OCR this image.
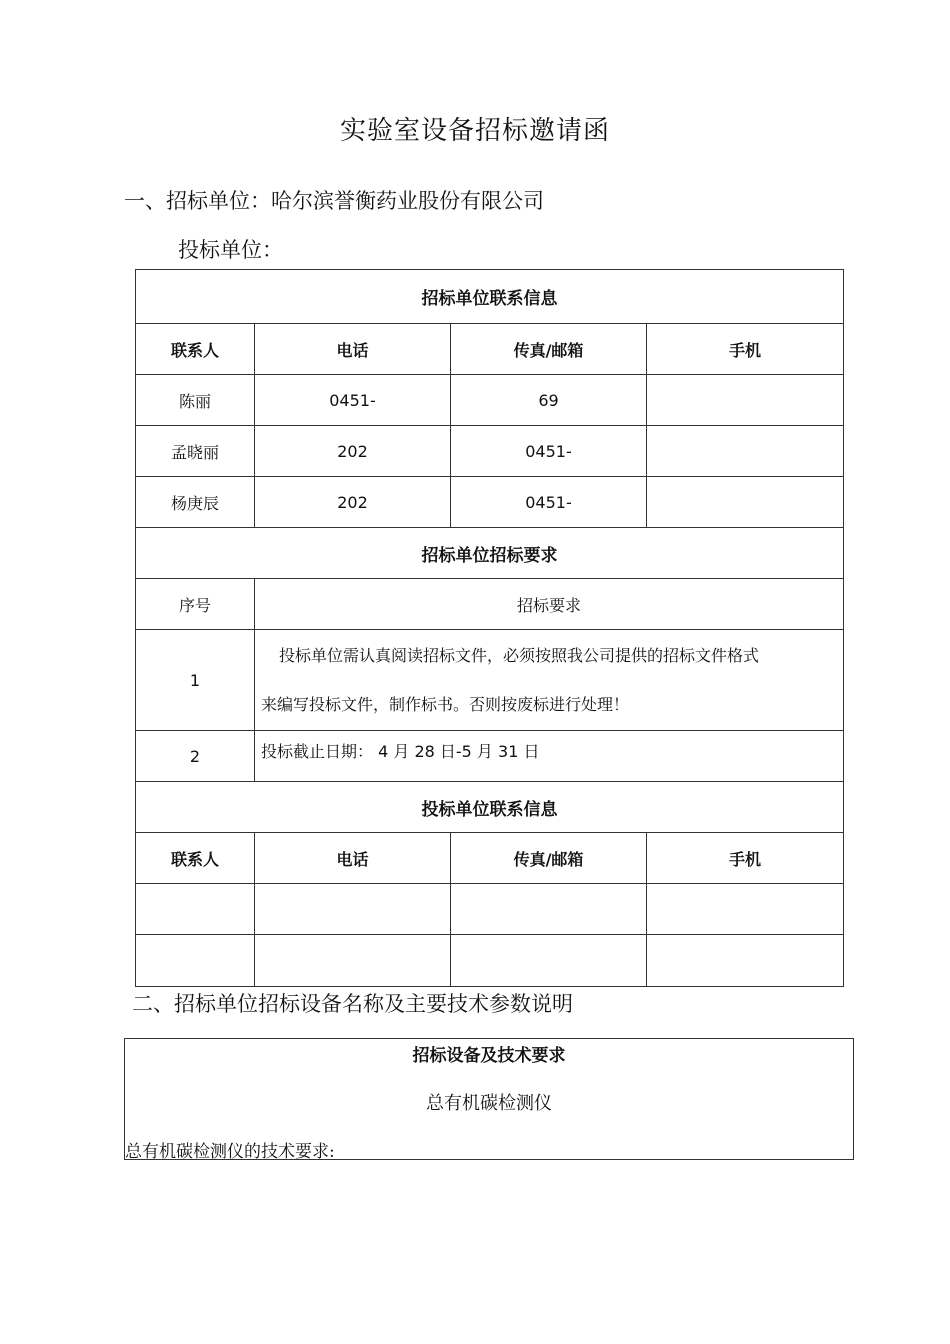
实验室设备招标邀请函
一、招标单位：哈尔滨誉衡药业股份有限公司
投标单位：
招标单位联系信息			
联系人	电话	传真/邮箱	手机
陈丽	0451-	69	
孟晓丽	202	0451-	
杨庚辰	202	0451-	
招标单位招标要求			
序号	招标要求		
1	投标单位需认真阅读招标文件，必须按照我公司提供的招标文件格式
来编写投标文件，制作标书。否则按废标进行处理！		

2	投标截止日期： 4 月 28 日-5 月 31 日		
投标单位联系信息			
联系人	电话	传真/邮箱	手机

二、招标单位招标设备名称及主要技术参数说明
招标设备及技术要求
总有机碳检测仪
总有机碳检测仪的技术要求:
